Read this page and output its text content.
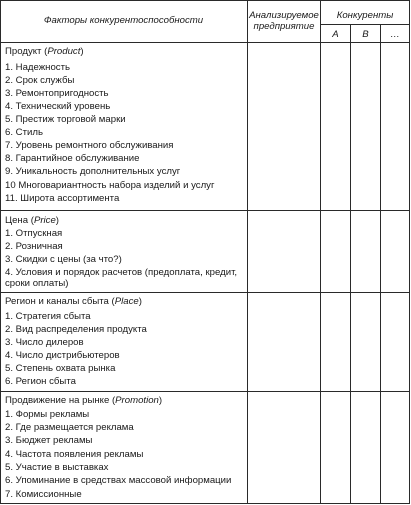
Факторы конкурентоспособности	Анализируемое предприятие
Конкуренты
A	B	…
Продукт (Product)
1. Надежность
2. Срок службы
3. Ремонтопригодность
4. Технический уровень
5. Престиж торговой марки
6. Стиль
7. Уровень ремонтного обслуживания
8. Гарантийное обслуживание
9. Уникальность дополнительных услуг
10 Многовариантность набора изделий и услуг
11. Широта ассортимента
Цена (Price)
1. Отпускная
2. Розничная
3. Скидки с цены (за что?)
4. Условия и порядок расчетов (предоплата, кредит, сроки оплаты)
Регион и каналы сбыта (Place)
1. Стратегия сбыта
2. Вид распределения продукта
3. Число дилеров
4. Число дистрибьютеров
5. Степень охвата рынка
6. Регион сбыта
Продвижение на рынке (Promotion)
1. Формы рекламы
2. Где размещается реклама
3. Бюджет рекламы
4. Частота появления рекламы
5. Участие в выставках
6. Упоминание в средствах массовой информации
7. Комиссионные
